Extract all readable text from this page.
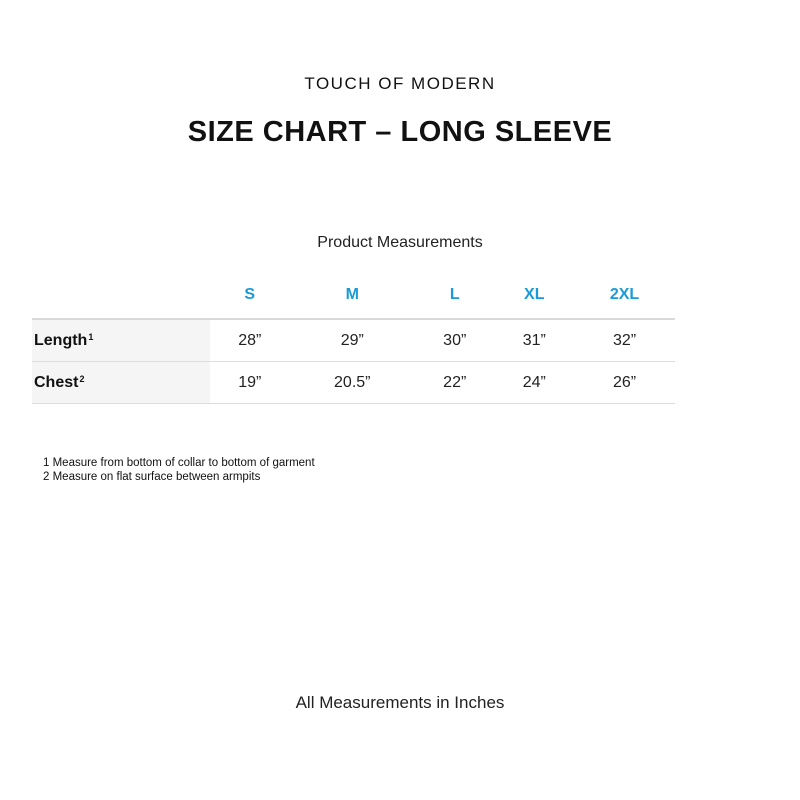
TOUCH OF MODERN
SIZE CHART – LONG SLEEVE
Product Measurements
	S	M	L	XL	2XL
Length$^1$	28”	29”	30”	31”	32”
Chest$^2$	19”	20.5”	22”	24”	26”
1 Measure from bottom of collar to bottom of garment
2 Measure on flat surface between armpits
All Measurements in Inches
